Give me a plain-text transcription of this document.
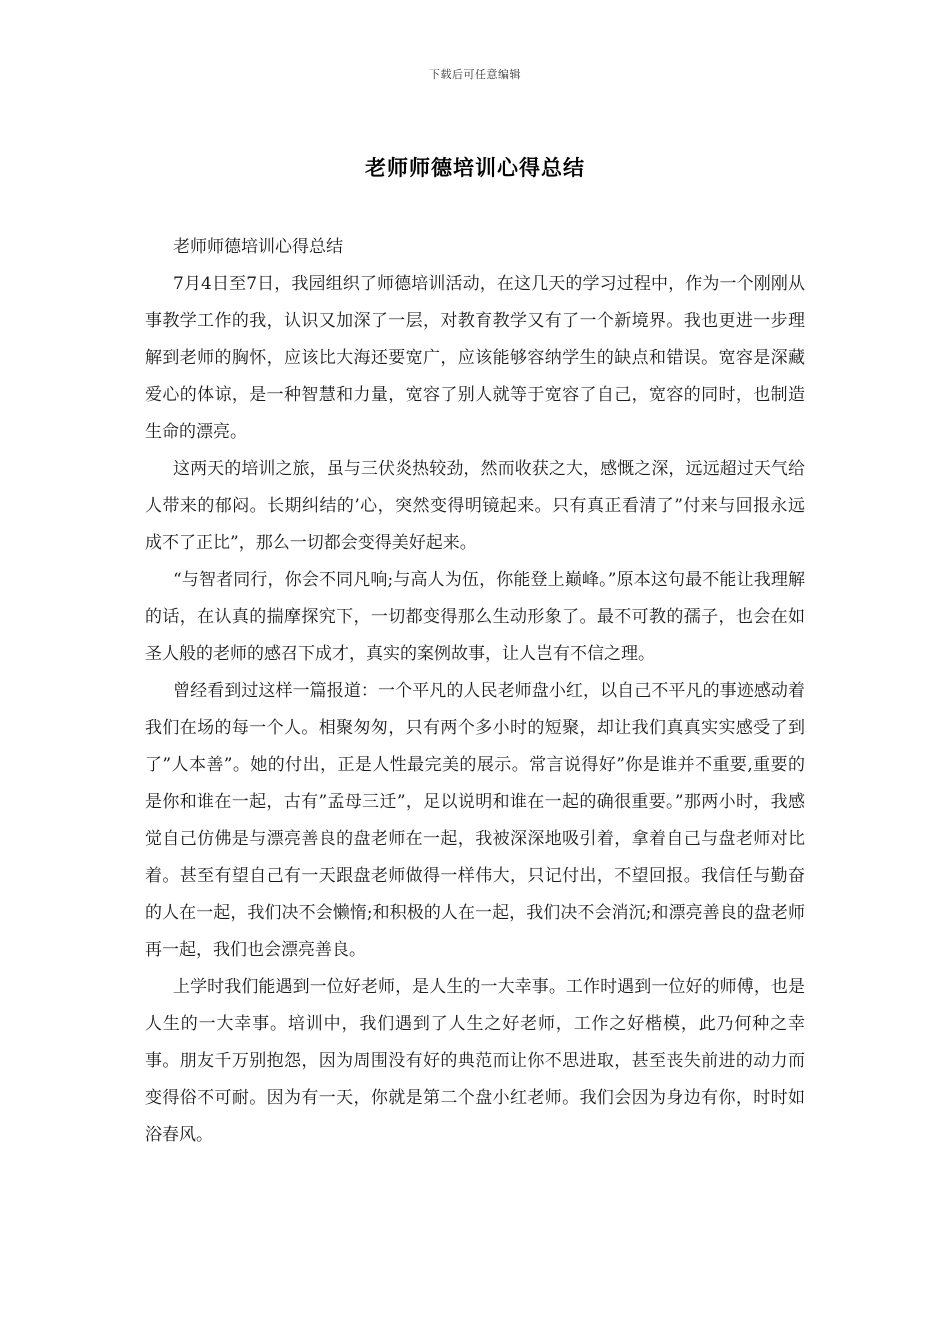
下载后可任意编辑
老师师德培训心得总结

老师师德培训心得总结

7月4日至7日，我园组织了师德培训活动，在这几天的学习过程中，作为一个刚刚从事教学工作的我，认识又加深了一层，对教育教学又有了一个新境界。我也更进一步理解到老师的胸怀，应该比大海还要宽广，应该能够容纳学生的缺点和错误。宽容是深藏爱心的体谅，是一种智慧和力量，宽容了别人就等于宽容了自己，宽容的同时，也制造生命的漂亮。

这两天的培训之旅，虽与三伏炎热较劲，然而收获之大，感慨之深，远远超过天气给人带来的郁闷。长期纠结的’心，突然变得明镜起来。只有真正看清了”付来与回报永远成不了正比”，那么一切都会变得美好起来。

“与智者同行，你会不同凡响;与高人为伍，你能登上巅峰。”原本这句最不能让我理解的话，在认真的揣摩探究下，一切都变得那么生动形象了。最不可教的孺子，也会在如圣人般的老师的感召下成才，真实的案例故事，让人岂有不信之理。

曾经看到过这样一篇报道：一个平凡的人民老师盘小红，以自己不平凡的事迹感动着我们在场的每一个人。相聚匆匆，只有两个多小时的短聚，却让我们真真实实感受了到了”人本善”。她的付出，正是人性最完美的展示。常言说得好”你是谁并不重要,重要的是你和谁在一起，古有”孟母三迁”，足以说明和谁在一起的确很重要。”那两小时，我感觉自己仿佛是与漂亮善良的盘老师在一起，我被深深地吸引着，拿着自己与盘老师对比着。甚至有望自己有一天跟盘老师做得一样伟大，只记付出，不望回报。我信任与勤奋的人在一起，我们决不会懒惰;和积极的人在一起，我们决不会消沉;和漂亮善良的盘老师再一起，我们也会漂亮善良。

上学时我们能遇到一位好老师，是人生的一大幸事。工作时遇到一位好的师傅，也是人生的一大幸事。培训中，我们遇到了人生之好老师，工作之好楷模，此乃何种之幸事。朋友千万别抱怨，因为周围没有好的典范而让你不思进取，甚至丧失前进的动力而变得俗不可耐。因为有一天，你就是第二个盘小红老师。我们会因为身边有你，时时如浴春风。
